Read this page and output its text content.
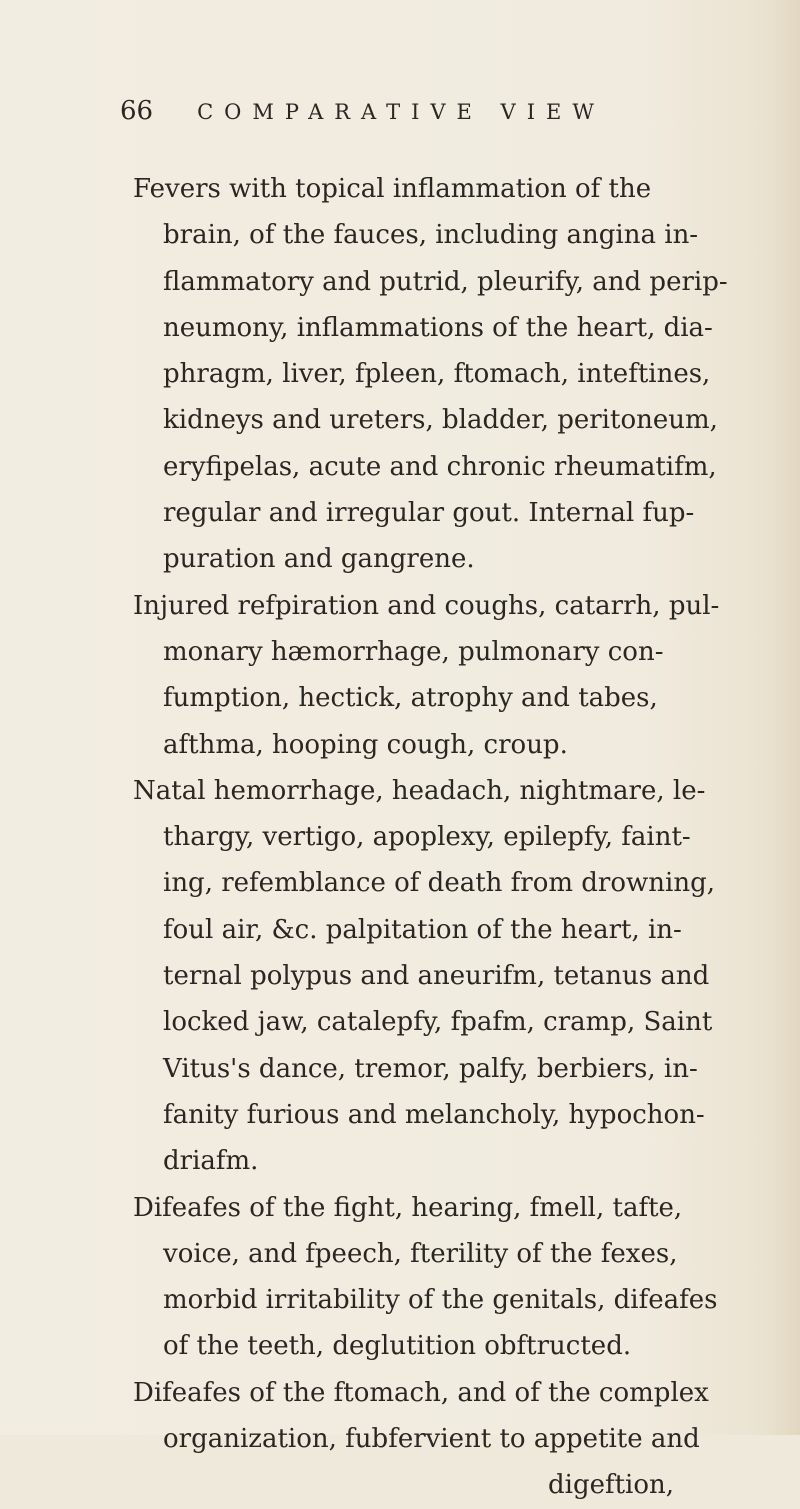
66 COMPARATIVE VIEW
Fevers with topical inflammation of the
brain, of the fauces, including angina in-
flammatory and putrid, pleurify, and perip-
neumony, inflammations of the heart, dia-
phragm, liver, fpleen, ftomach, inteftines,
kidneys and ureters, bladder, peritoneum,
eryfipelas, acute and chronic rheumatifm,
regular and irregular gout. Internal fup-
puration and gangrene.
Injured refpiration and coughs, catarrh, pul-
monary hæmorrhage, pulmonary con-
fumption, hectick, atrophy and tabes,
afthma, hooping cough, croup.
Natal hemorrhage, headach, nightmare, le-
thargy, vertigo, apoplexy, epilepfy, faint-
ing, refemblance of death from drowning,
foul air, &c. palpitation of the heart, in-
ternal polypus and aneurifm, tetanus and
locked jaw, catalepfy, fpafm, cramp, Saint
Vitus's dance, tremor, palfy, berbiers, in-
fanity furious and melancholy, hypochon-
driafm.
Difeafes of the fight, hearing, fmell, tafte,
voice, and fpeech, fterility of the fexes,
morbid irritability of the genitals, difeafes
of the teeth, deglutition obftructed.
Difeafes of the ftomach, and of the complex
organization, fubfervient to appetite and
digeftion,
